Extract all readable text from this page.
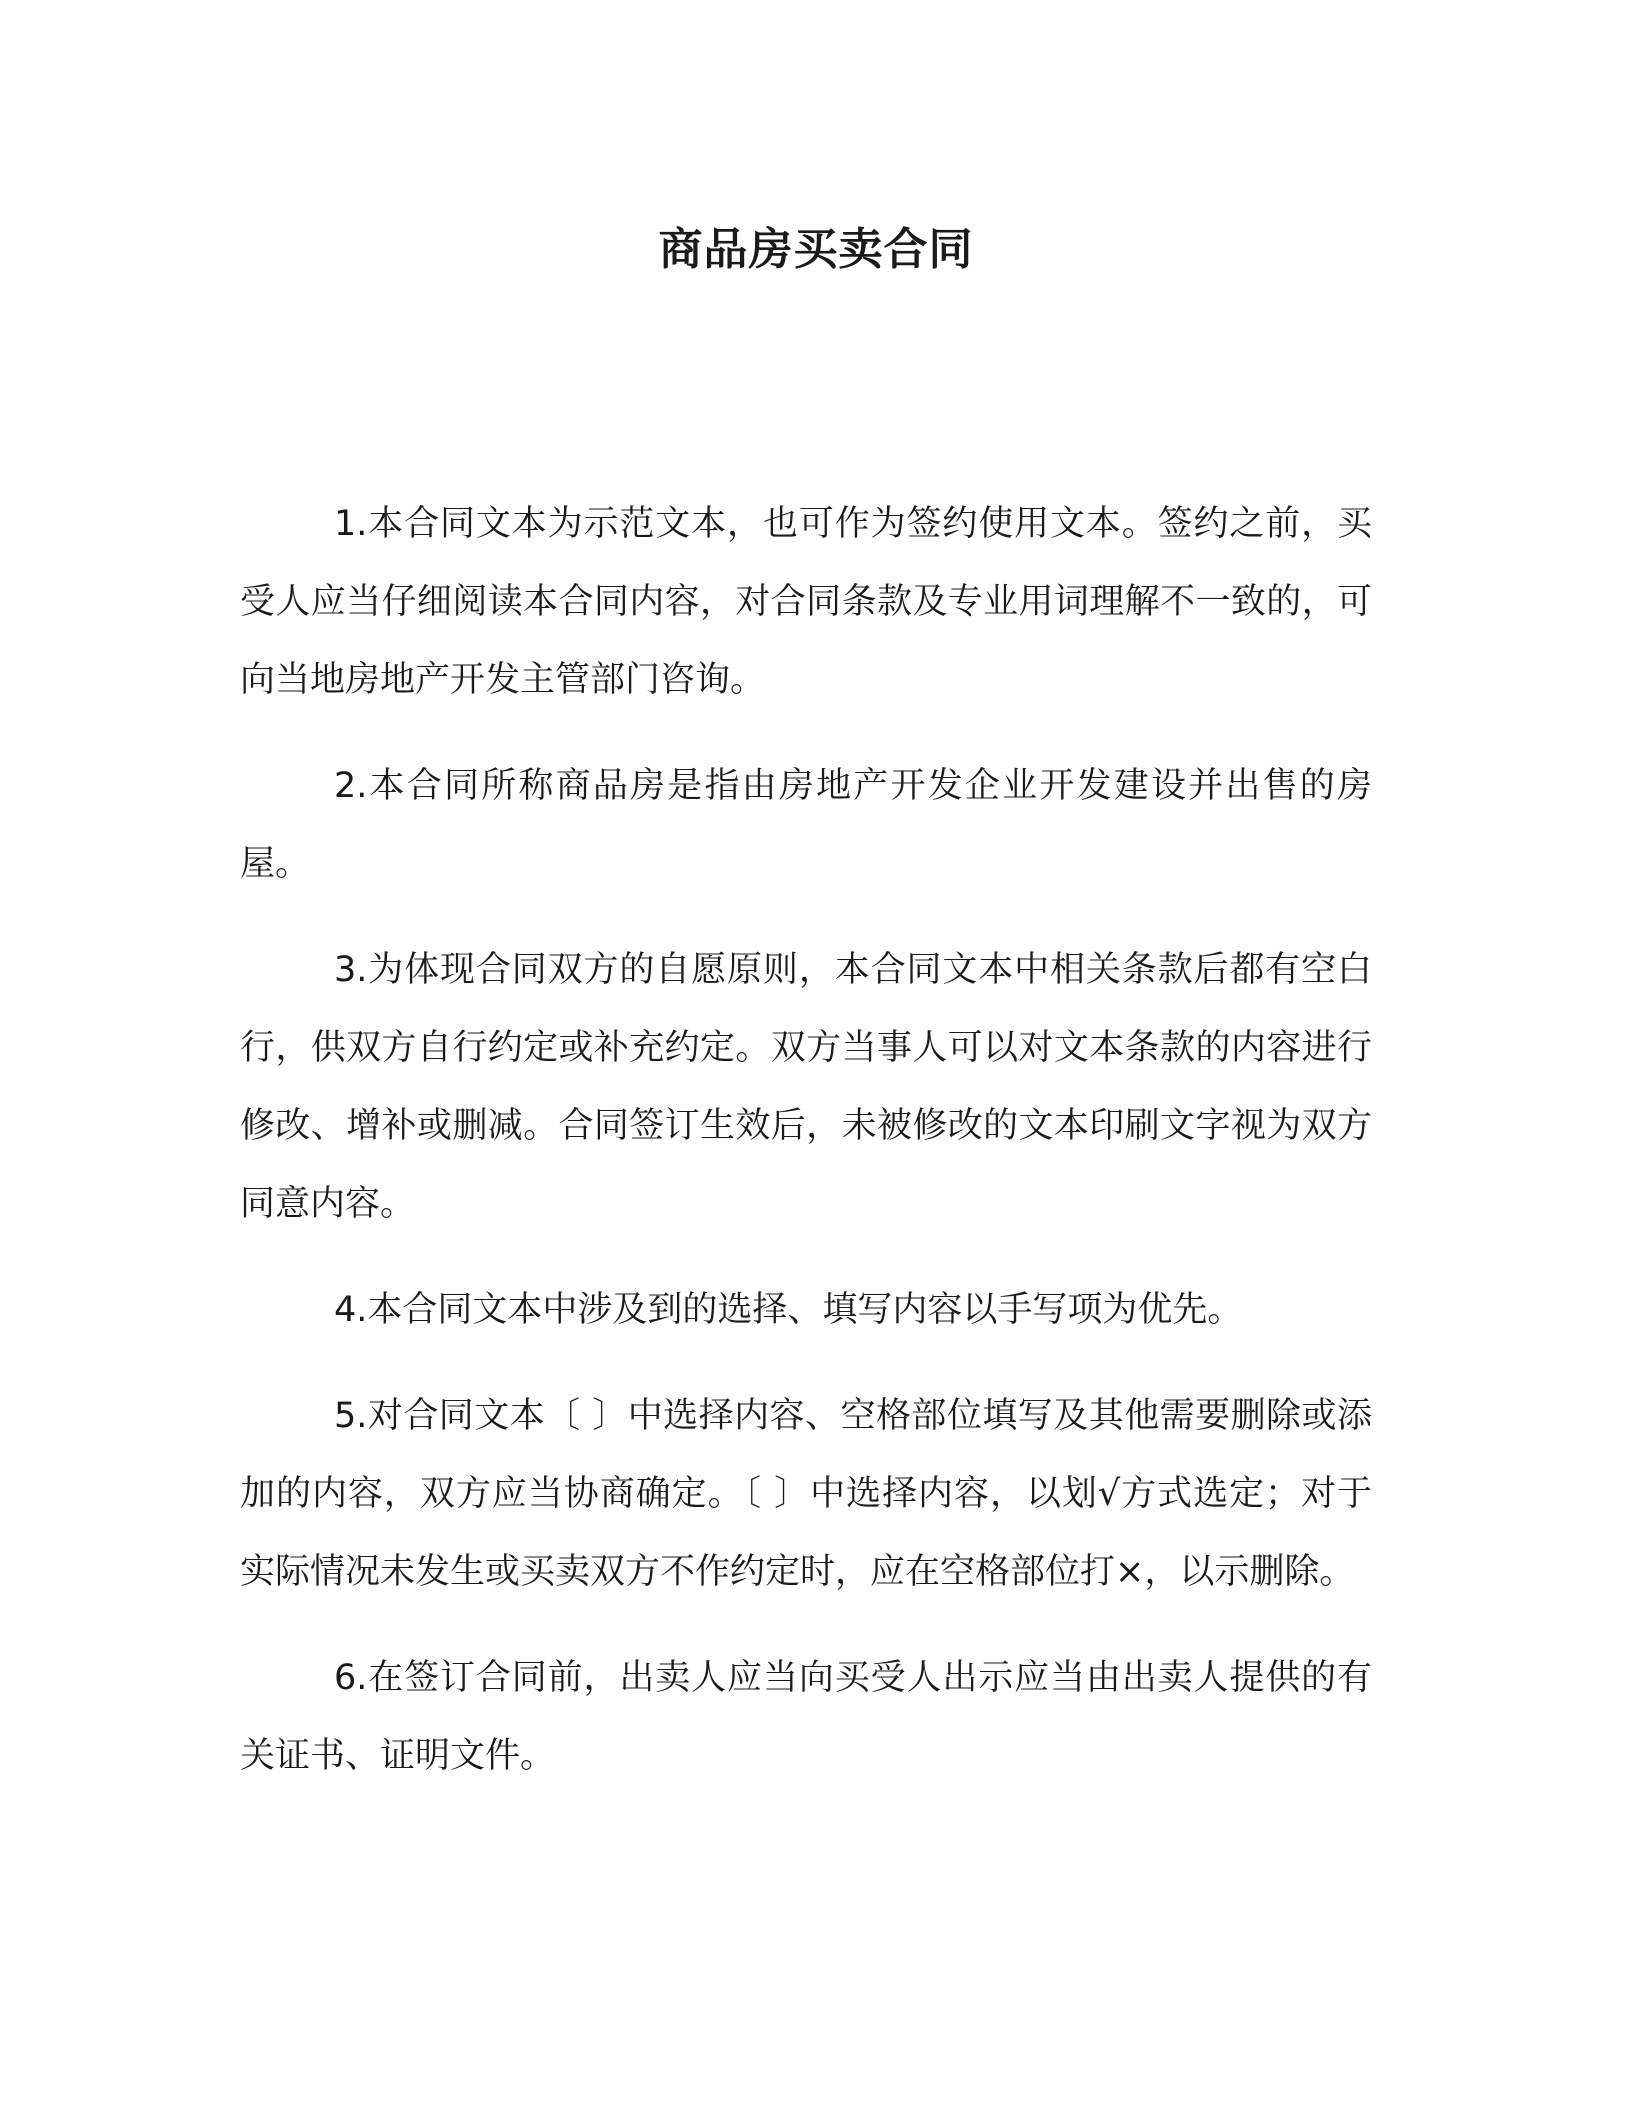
商品房买卖合同

1.本合同文本为示范文本，也可作为签约使用文本。签约之前，买受人应当仔细阅读本合同内容，对合同条款及专业用词理解不一致的，可向当地房地产开发主管部门咨询。

2.本合同所称商品房是指由房地产开发企业开发建设并出售的房屋。

3.为体现合同双方的自愿原则，本合同文本中相关条款后都有空白行，供双方自行约定或补充约定。双方当事人可以对文本条款的内容进行修改、增补或删减。合同签订生效后，未被修改的文本印刷文字视为双方同意内容。

4.本合同文本中涉及到的选择、填写内容以手写项为优先。

5.对合同文本〔 〕中选择内容、空格部位填写及其他需要删除或添加的内容，双方应当协商确定。〔 〕中选择内容，以划√方式选定；对于实际情况未发生或买卖双方不作约定时，应在空格部位打×，以示删除。

6.在签订合同前，出卖人应当向买受人出示应当由出卖人提供的有关证书、证明文件。
